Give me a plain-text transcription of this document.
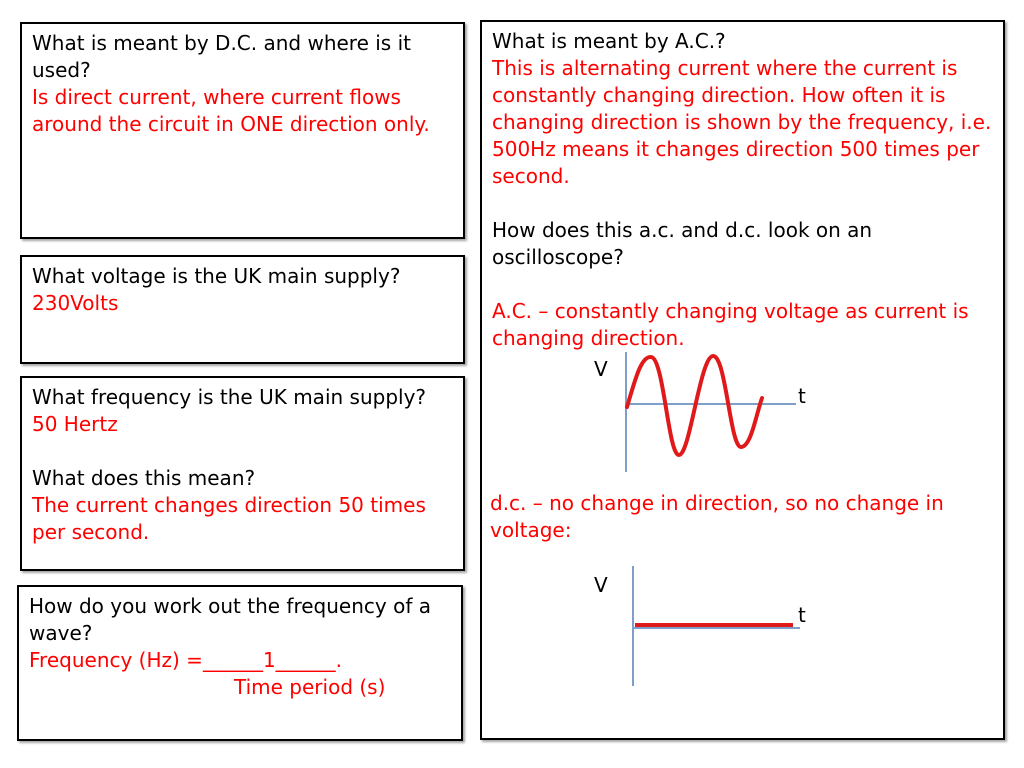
What is meant by D.C. and where is it used?
Is direct current, where current flows around the circuit in ONE direction only.
What voltage is the UK main supply?
230Volts
What frequency is the UK main supply?
50 Hertz
What does this mean?
The current changes direction 50 times per second.
How do you work out the frequency of a wave?
Frequency (Hz) =______1______.
Time period (s)
What is meant by A.C.?
This is alternating current where the current is constantly changing direction. How often it is changing direction is shown by the frequency, i.e. 500Hz means it changes direction 500 times per second.
How does this a.c. and d.c. look on an oscilloscope?
A.C. – constantly changing voltage as current is changing direction.
V
t
d.c. – no change in direction, so no change in voltage:
V
t
